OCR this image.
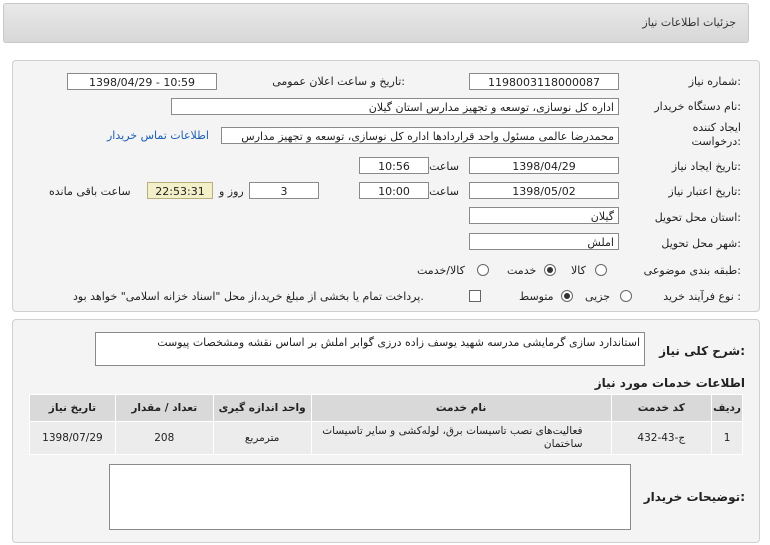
جزئیات اطلاعات نیاز
شماره نیاز:
1198003118000087
تاریخ و ساعت اعلان عمومی:
1398/04/29 - 10:59
نام دستگاه خریدار:
اداره کل نوسازی، توسعه و تجهیز مدارس استان گیلان
ایجاد کننده
درخواست:
محمدرضا عالمی مسئول واحد قراردادها اداره کل نوسازی، توسعه و تجهیز مدارس
اطلاعات تماس خریدار
تاریخ ایجاد نیاز:
1398/04/29
ساعت
10:56
تاریخ اعتبار نیاز:
1398/05/02
ساعت
10:00
3
روز و
22:53:31
ساعت باقی مانده
استان محل تحویل:
گیلان
شهر محل تحویل:
املش
طبقه بندی موضوعی:
کالا
خدمت
کالا/خدمت
نوع فرآیند خرید :
جزیی
متوسط
پرداخت تمام یا بخشی از مبلغ خرید،از محل "اسناد خزانه اسلامی" خواهد بود.
شرح کلی نیاز:
استاندارد سازی گرمایشی مدرسه شهید یوسف زاده درزی گوابر املش بر اساس نقشه ومشخصات پیوست
اطلاعات خدمات مورد نیاز
تاریخ نیاز	تعداد / مقدار	واحد اندازه گیری	نام خدمت	کد خدمت	ردیف
1398/07/29	208	مترمربع	فعالیت‌های نصب تاسیسات برق، لوله‌کشی و سایر تاسیسات ساختمان	ج-43-432	1
توضیحات خریدار:
